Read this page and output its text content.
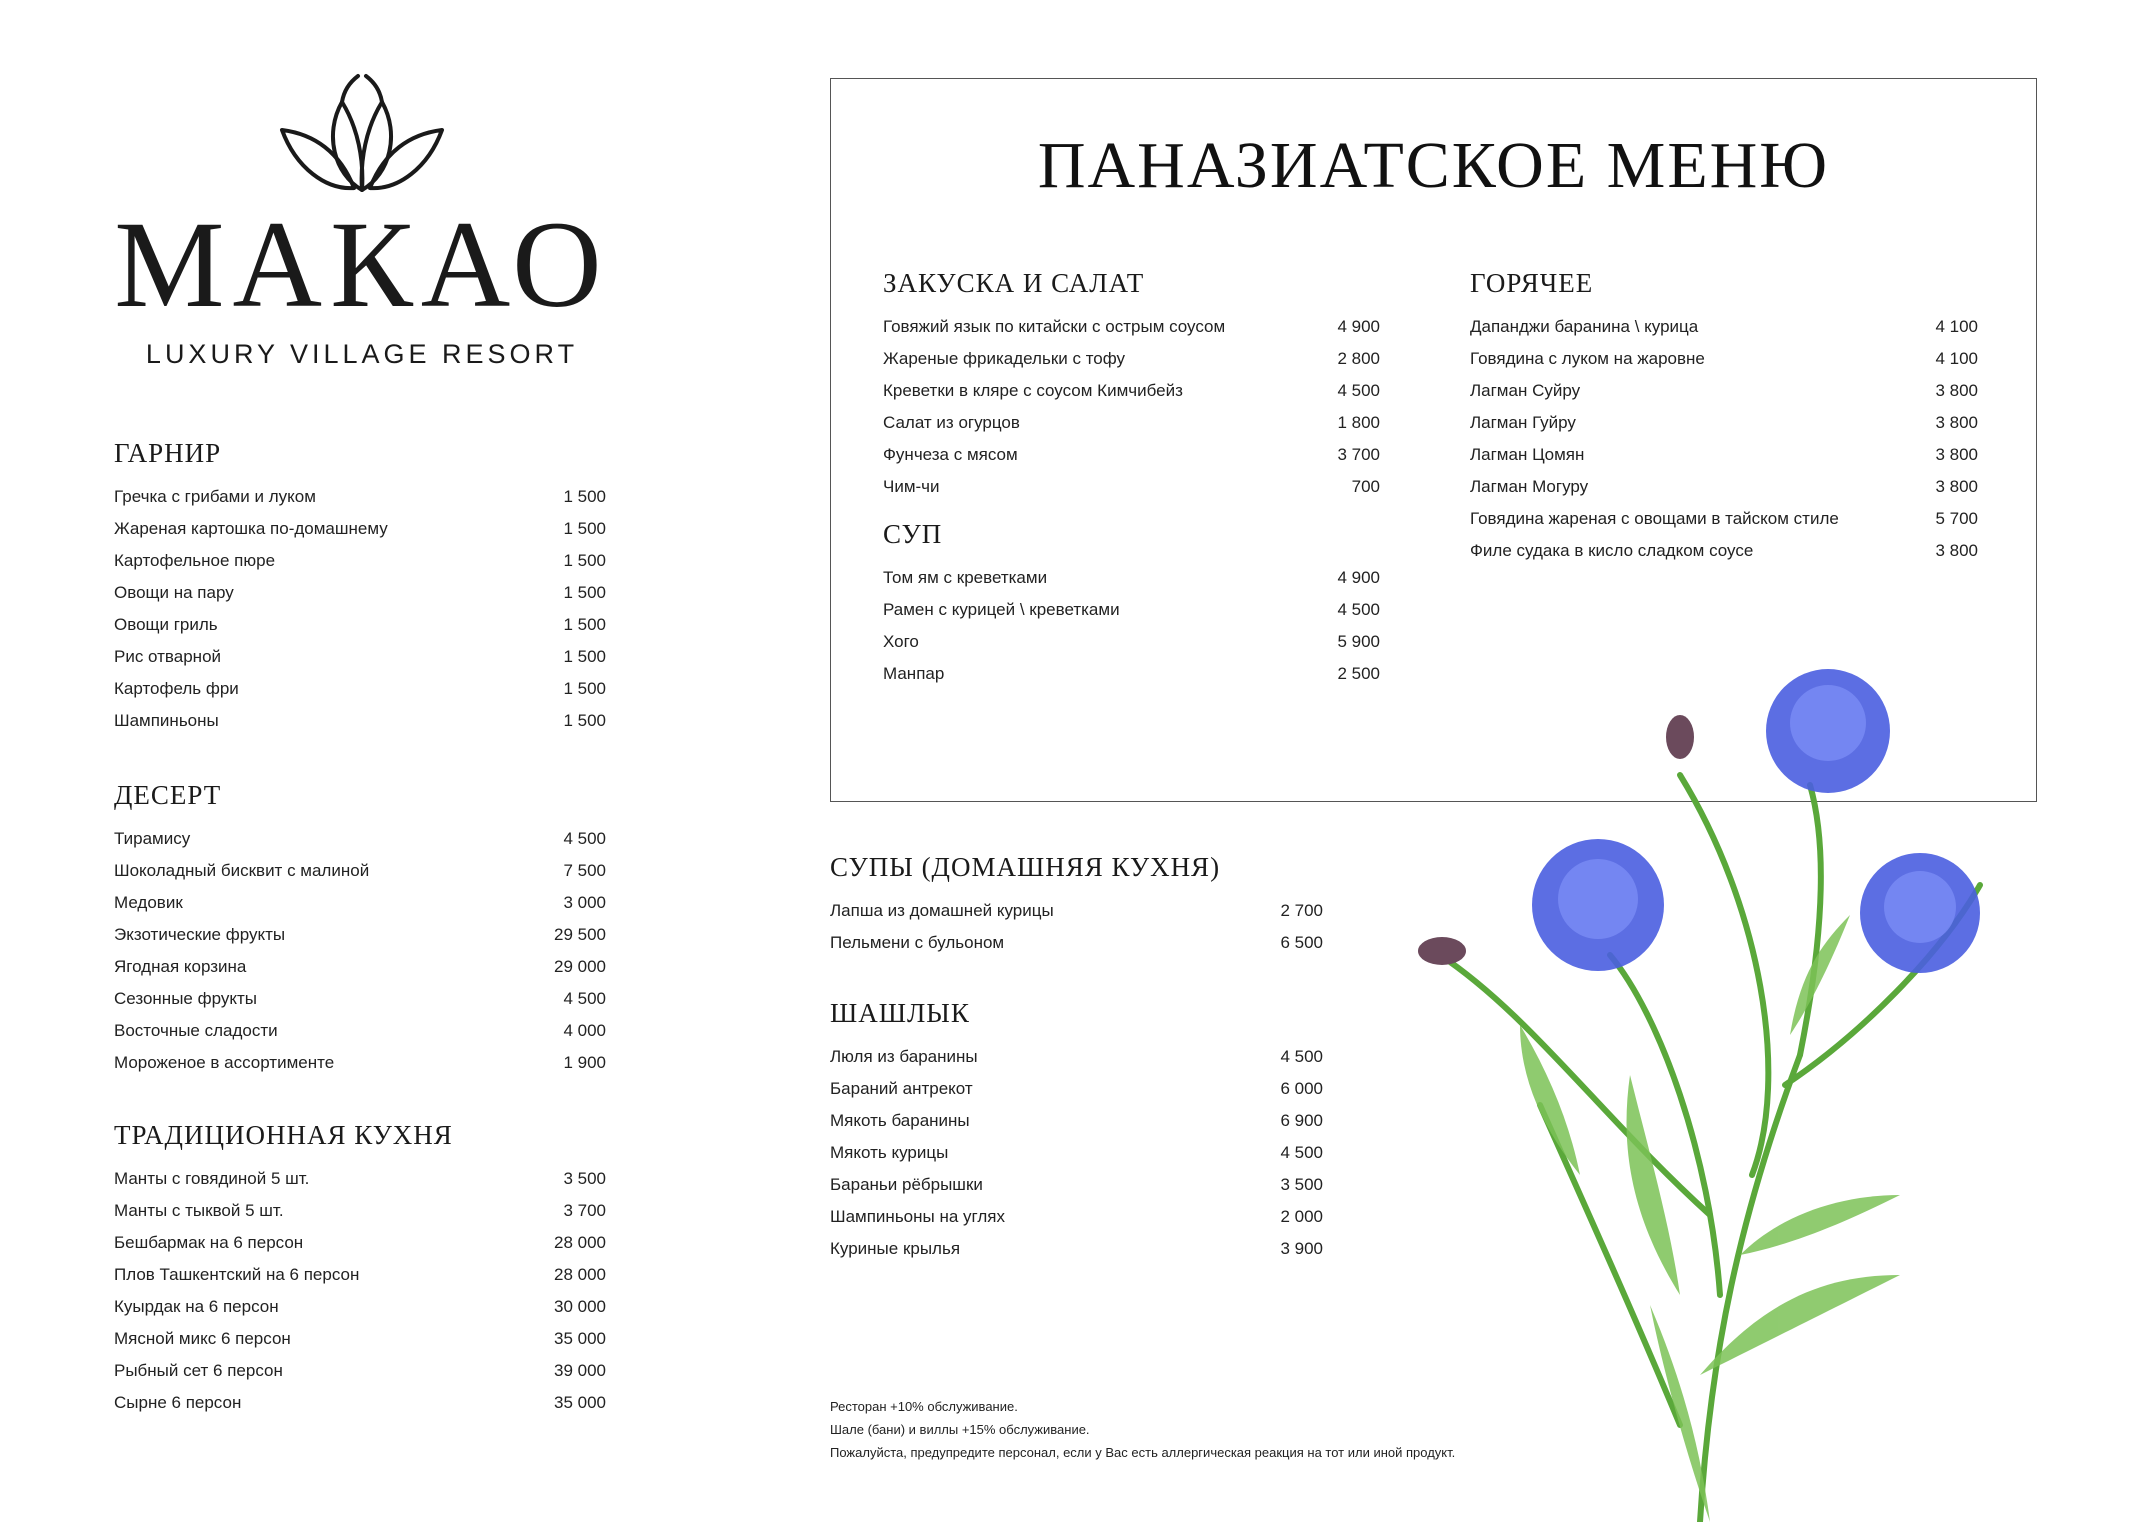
МАКАО
LUXURY VILLAGE RESORT
ГАРНИР
Гречка с грибами и луком	1 500
Жареная картошка по-домашнему	1 500
Картофельное пюре	1 500
Овощи на пару	1 500
Овощи гриль	1 500
Рис отварной	1 500
Картофель фри	1 500
Шампиньоны	1 500
ДЕСЕРТ
Тирамису	4 500
Шоколадный бисквит с малиной	7 500
Медовик	3 000
Экзотические фрукты	29 500
Ягодная корзина	29 000
Сезонные фрукты	4 500
Восточные сладости	4 000
Мороженое в ассортименте	1 900
ТРАДИЦИОННАЯ КУХНЯ
Манты с говядиной 5 шт.	3 500
Манты с тыквой 5 шт.	3 700
Бешбармак на 6 персон	28 000
Плов Ташкентский на 6 персон	28 000
Куырдак на 6 персон	30 000
Мясной микс 6 персон	35 000
Рыбный сет 6 персон	39 000
Сырне 6 персон	35 000
ПАНАЗИАТСКОЕ МЕНЮ
ЗАКУСКА И САЛАТ
Говяжий язык по китайски с острым соусом	4 900
Жареные фрикадельки с тофу	2 800
Креветки в кляре с соусом Кимчибейз	4 500
Салат из огурцов	1 800
Фунчеза с мясом	3 700
Чим-чи	700
СУП
Том ям с креветками	4 900
Рамен с курицей \ креветками	4 500
Хого	5 900
Манпар	2 500
ГОРЯЧЕЕ
Дапанджи баранина \ курица	4 100
Говядина с луком на жаровне	4 100
Лагман Суйру	3 800
Лагман Гуйру	3 800
Лагман Цомян	3 800
Лагман Могуру	3 800
Говядина жареная с овощами в тайском стиле	5 700
Филе судака в кисло сладком соусе	3 800
СУПЫ (ДОМАШНЯЯ КУХНЯ)
Лапша из домашней курицы	2 700
Пельмени с бульоном	6 500
ШАШЛЫК
Люля из баранины	4 500
Бараний антрекот	6 000
Мякоть баранины	6 900
Мякоть курицы	4 500
Бараньи рёбрышки	3 500
Шампиньоны на углях	2 000
Куриные крылья	3 900
Ресторан +10% обслуживание.
Шале (бани) и виллы +15% обслуживание.
Пожалуйста, предупредите персонал, если у Вас есть аллергическая реакция на тот или иной продукт.
